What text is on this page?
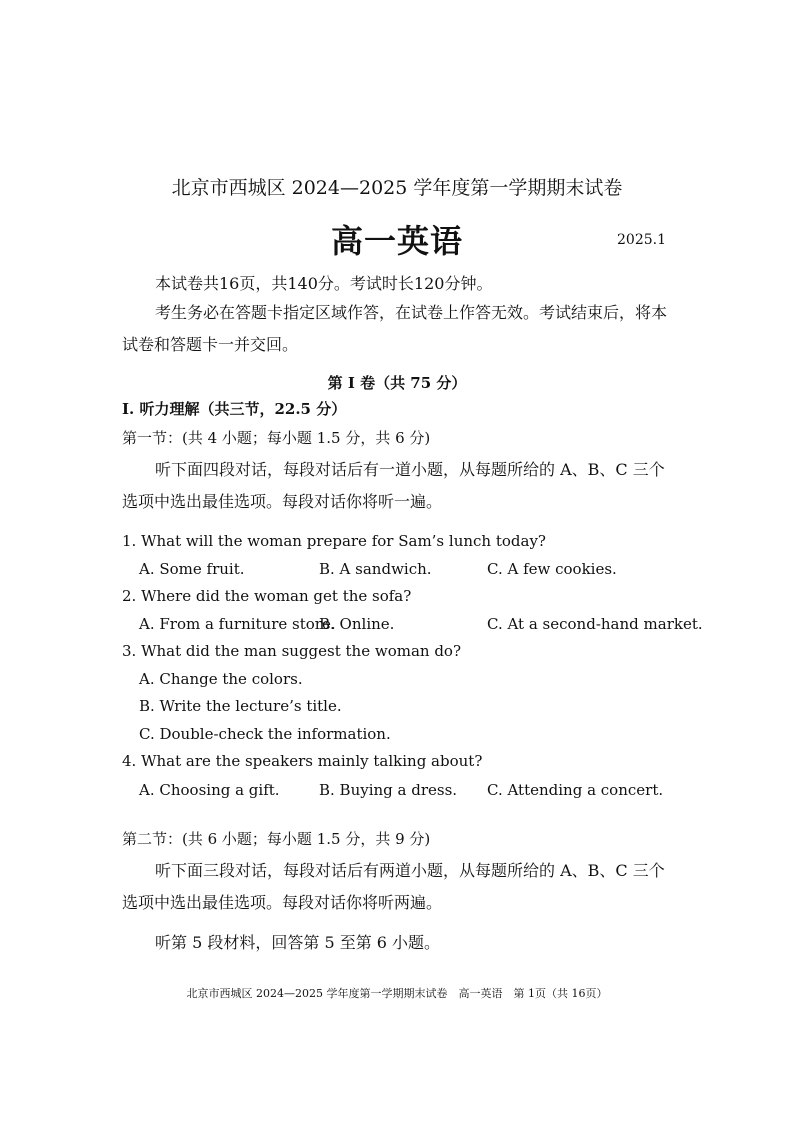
北京市西城区 2024—2025 学年度第一学期期末试卷
高一英语	2025.1
本试卷共16页，共140分。考试时长120分钟。
考生务必在答题卡指定区域作答，在试卷上作答无效。考试结束后，将本试卷和答题卡一并交回。
第 I 卷（共 75 分）
I. 听力理解（共三节，22.5 分）
第一节：(共 4 小题；每小题 1.5 分，共 6 分)
听下面四段对话，每段对话后有一道小题，从每题所给的 A、B、C 三个选项中选出最佳选项。每段对话你将听一遍。
1. What will the woman prepare for Sam’s lunch today?
A. Some fruit.	B. A sandwich.	C. A few cookies.
2. Where did the woman get the sofa?
A. From a furniture store.
B. Online.	C. At a second-hand market.
3. What did the man suggest the woman do?
A. Change the colors.
B. Write the lecture’s title.
C. Double-check the information.
4. What are the speakers mainly talking about?
A. Choosing a gift.	B. Buying a dress. C. Attending a concert.
第二节：(共 6 小题；每小题 1.5 分，共 9 分)
听下面三段对话，每段对话后有两道小题，从每题所给的 A、B、C 三个选项中选出最佳选项。每段对话你将听两遍。
听第 5 段材料，回答第 5 至第 6 小题。
北京市西城区 2024—2025 学年度第一学期期末试卷　高一英语　第 1页（共 16页）
